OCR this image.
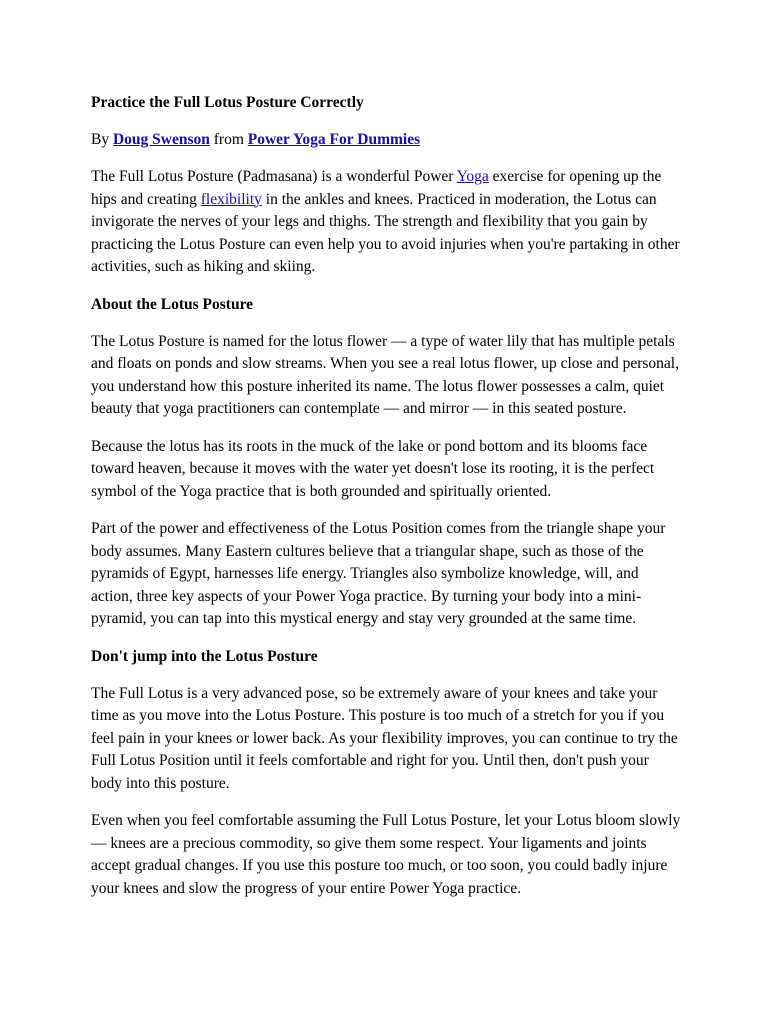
Practice the Full Lotus Posture Correctly
By Doug Swenson from Power Yoga For Dummies

The Full Lotus Posture (Padmasana) is a wonderful Power Yoga exercise for opening up the hips and creating flexibility in the ankles and knees. Practiced in moderation, the Lotus can invigorate the nerves of your legs and thighs. The strength and flexibility that you gain by practicing the Lotus Posture can even help you to avoid injuries when you're partaking in other activities, such as hiking and skiing.

About the Lotus Posture

The Lotus Posture is named for the lotus flower — a type of water lily that has multiple petals and floats on ponds and slow streams. When you see a real lotus flower, up close and personal, you understand how this posture inherited its name. The lotus flower possesses a calm, quiet beauty that yoga practitioners can contemplate — and mirror — in this seated posture.

Because the lotus has its roots in the muck of the lake or pond bottom and its blooms face toward heaven, because it moves with the water yet doesn't lose its rooting, it is the perfect symbol of the Yoga practice that is both grounded and spiritually oriented.

Part of the power and effectiveness of the Lotus Position comes from the triangle shape your body assumes. Many Eastern cultures believe that a triangular shape, such as those of the pyramids of Egypt, harnesses life energy. Triangles also symbolize knowledge, will, and action, three key aspects of your Power Yoga practice. By turning your body into a mini-pyramid, you can tap into this mystical energy and stay very grounded at the same time.

Don't jump into the Lotus Posture

The Full Lotus is a very advanced pose, so be extremely aware of your knees and take your time as you move into the Lotus Posture. This posture is too much of a stretch for you if you feel pain in your knees or lower back. As your flexibility improves, you can continue to try the Full Lotus Position until it feels comfortable and right for you. Until then, don't push your body into this posture.

Even when you feel comfortable assuming the Full Lotus Posture, let your Lotus bloom slowly — knees are a precious commodity, so give them some respect. Your ligaments and joints accept gradual changes. If you use this posture too much, or too soon, you could badly injure your knees and slow the progress of your entire Power Yoga practice.
